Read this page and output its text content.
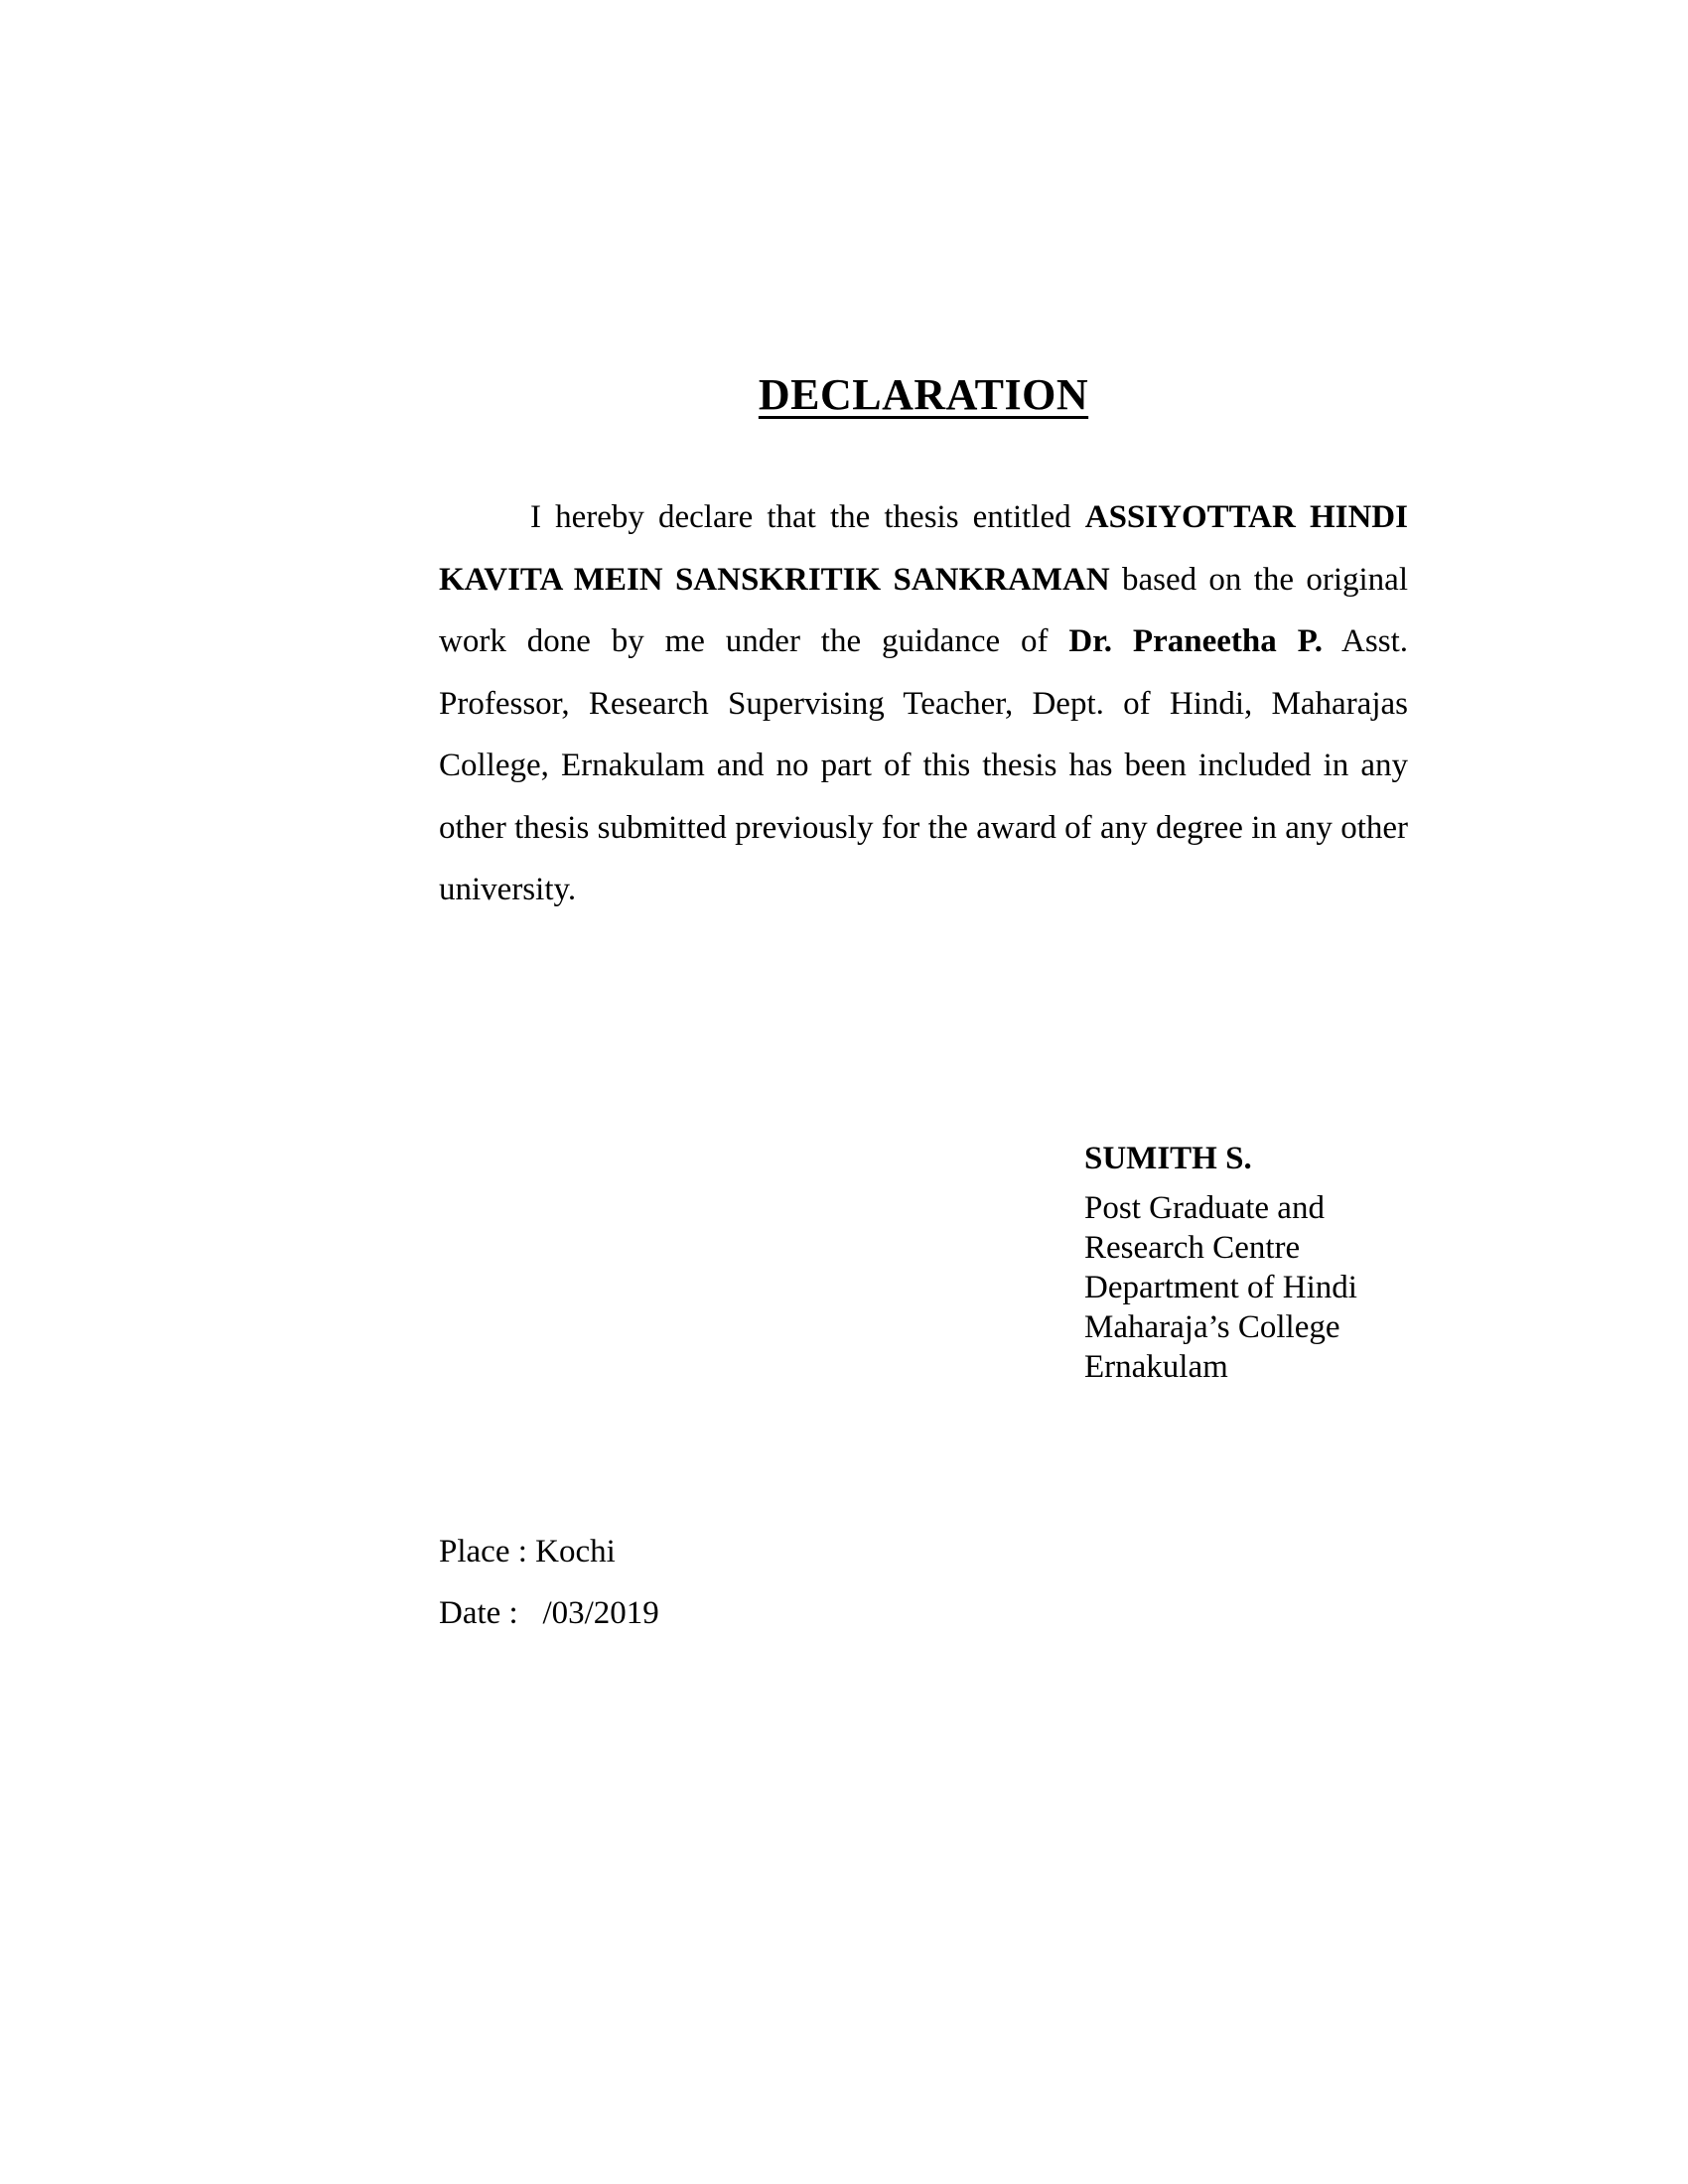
DECLARATION

I hereby declare that the thesis entitled ASSIYOTTAR HINDI KAVITA MEIN SANSKRITIK SANKRAMAN based on the original work done by me under the guidance of Dr. Praneetha P. Asst. Professor, Research Supervising Teacher, Dept. of Hindi, Maharajas College, Ernakulam and no part of this thesis has been included in any other thesis submitted previously for the award of any degree in any other university.

SUMITH S.
Post Graduate and
Research Centre
Department of Hindi
Maharaja’s College
Ernakulam
Place : Kochi
Date :   /03/2019
